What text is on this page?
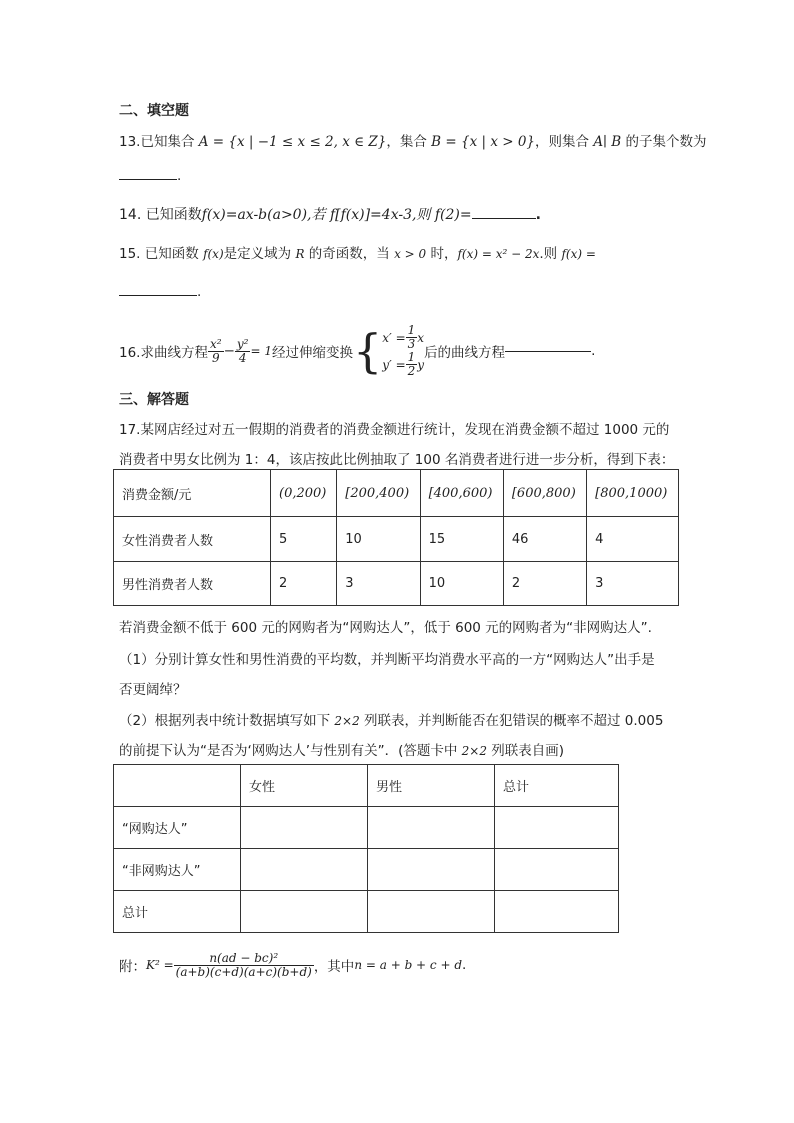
二、填空题
13.已知集合 A = {x | −1 ≤ x ≤ 2, x ∈ Z}，集合 B = {x | x > 0}，则集合 A∣ B 的子集个数为
.
14. 已知函数f(x)=ax-b(a>0),若 f[f(x)]=4x-3,则 f(2)=	.
15. 已知函数 f(x)是定义域为 R 的奇函数，当 x > 0 时，f(x) = x² − 2x.则 f(x) =
.
16.求曲线方程 $\frac{\text{x²}}{9} - \frac{\text{y²}}{4} = 1$ 经过伸缩变换 { $x' = \frac{1}{3}$ x
$y' = \frac{1}{2}$ y
后的曲线方程	.
三、解答题
17.某网店经过对五一假期的消费者的消费金额进行统计，发现在消费金额不超过 1000 元的
消费者中男女比例为 1：4，该店按此比例抽取了 100 名消费者进行进一步分析，得到下表：
消费金额/元	(0,200)	[200,400)	[400,600)	[600,800)	[800,1000)
女性消费者人数	5	10	15	46	4
男性消费者人数	2	3	10	2	3
若消费金额不低于 600 元的网购者为“网购达人”，低于 600 元的网购者为“非网购达人”.
（1）分别计算女性和男性消费的平均数，并判断平均消费水平高的一方“网购达人”出手是
否更阔绰？
（2）根据列表中统计数据填写如下 2×2 列联表，并判断能否在犯错误的概率不超过 0.005
的前提下认为“是否为‘网购达人’与性别有关”．(答题卡中 2×2 列联表自画)
	女性	男性	总计
“网购达人”			
“非网购达人”			
总计			
附： $K^2 = \frac{\text{n(ad − bc)²}}{(a+b)(c+d)(a+c)(b+d)}$ ，其中 n = a + b + c + d .
